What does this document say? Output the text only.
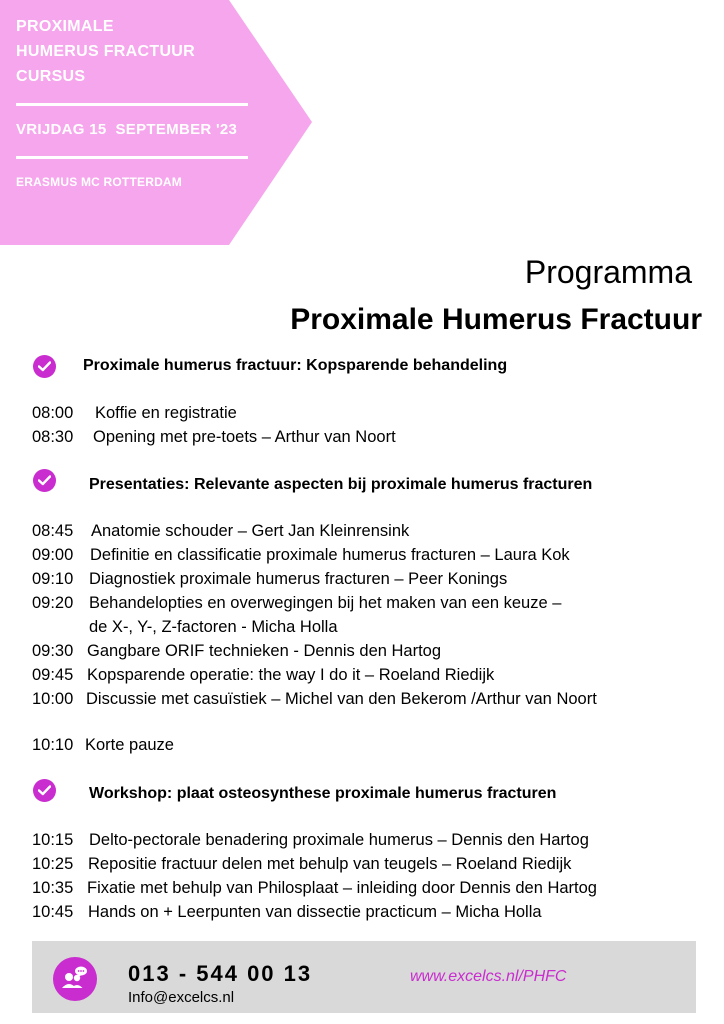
PROXIMALE
HUMERUS FRACTUUR
CURSUS
VRIJDAG 15  SEPTEMBER '23
ERASMUS MC ROTTERDAM
Programma
Proximale Humerus Fractuur
Proximale humerus fractuur: Kopsparende behandeling
08:00 Koffie en registratie
08:30 Opening met pre-toets – Arthur van Noort
Presentaties: Relevante aspecten bij proximale humerus fracturen
08:45 Anatomie schouder – Gert Jan Kleinrensink
09:00 Definitie en classificatie proximale humerus fracturen – Laura Kok
09:10 Diagnostiek proximale humerus fracturen – Peer Konings
09:20 Behandelopties en overwegingen bij het maken van een keuze –
de X-, Y-, Z-factoren - Micha Holla
09:30 Gangbare ORIF technieken - Dennis den Hartog
09:45 Kopsparende operatie: the way I do it – Roeland Riedijk
10:00 Discussie met casuïstiek – Michel van den Bekerom /Arthur van Noort
10:10 Korte pauze
Workshop: plaat osteosynthese proximale humerus fracturen
10:15 Delto-pectorale benadering proximale humerus – Dennis den Hartog
10:25 Repositie fractuur delen met behulp van teugels – Roeland Riedijk
10:35 Fixatie met behulp van Philosplaat – inleiding door Dennis den Hartog
10:45 Hands on + Leerpunten van dissectie practicum – Micha Holla
013 - 544 00 13
Info@excelcs.nl
www.excelcs.nl/PHFC
